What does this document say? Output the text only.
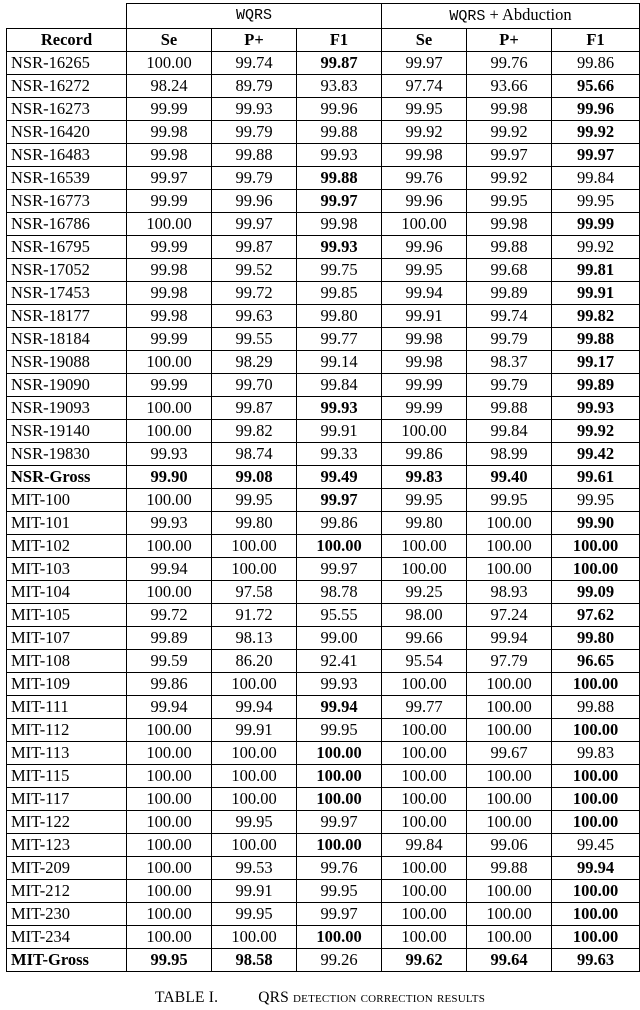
	WQRS			WQRS + Abduction		
Record	Se	P+	F1	Se	P+	F1
NSR-16265	100.00	99.74	99.87	99.97	99.76	99.86
NSR-16272	98.24	89.79	93.83	97.74	93.66	95.66
NSR-16273	99.99	99.93	99.96	99.95	99.98	99.96
NSR-16420	99.98	99.79	99.88	99.92	99.92	99.92
NSR-16483	99.98	99.88	99.93	99.98	99.97	99.97
NSR-16539	99.97	99.79	99.88	99.76	99.92	99.84
NSR-16773	99.99	99.96	99.97	99.96	99.95	99.95
NSR-16786	100.00	99.97	99.98	100.00	99.98	99.99
NSR-16795	99.99	99.87	99.93	99.96	99.88	99.92
NSR-17052	99.98	99.52	99.75	99.95	99.68	99.81
NSR-17453	99.98	99.72	99.85	99.94	99.89	99.91
NSR-18177	99.98	99.63	99.80	99.91	99.74	99.82
NSR-18184	99.99	99.55	99.77	99.98	99.79	99.88
NSR-19088	100.00	98.29	99.14	99.98	98.37	99.17
NSR-19090	99.99	99.70	99.84	99.99	99.79	99.89
NSR-19093	100.00	99.87	99.93	99.99	99.88	99.93
NSR-19140	100.00	99.82	99.91	100.00	99.84	99.92
NSR-19830	99.93	98.74	99.33	99.86	98.99	99.42
NSR-Gross	99.90	99.08	99.49	99.83	99.40	99.61
MIT-100	100.00	99.95	99.97	99.95	99.95	99.95
MIT-101	99.93	99.80	99.86	99.80	100.00	99.90
MIT-102	100.00	100.00	100.00	100.00	100.00	100.00
MIT-103	99.94	100.00	99.97	100.00	100.00	100.00
MIT-104	100.00	97.58	98.78	99.25	98.93	99.09
MIT-105	99.72	91.72	95.55	98.00	97.24	97.62
MIT-107	99.89	98.13	99.00	99.66	99.94	99.80
MIT-108	99.59	86.20	92.41	95.54	97.79	96.65
MIT-109	99.86	100.00	99.93	100.00	100.00	100.00
MIT-111	99.94	99.94	99.94	99.77	100.00	99.88
MIT-112	100.00	99.91	99.95	100.00	100.00	100.00
MIT-113	100.00	100.00	100.00	100.00	99.67	99.83
MIT-115	100.00	100.00	100.00	100.00	100.00	100.00
MIT-117	100.00	100.00	100.00	100.00	100.00	100.00
MIT-122	100.00	99.95	99.97	100.00	100.00	100.00
MIT-123	100.00	100.00	100.00	99.84	99.06	99.45
MIT-209	100.00	99.53	99.76	100.00	99.88	99.94
MIT-212	100.00	99.91	99.95	100.00	100.00	100.00
MIT-230	100.00	99.95	99.97	100.00	100.00	100.00
MIT-234	100.00	100.00	100.00	100.00	100.00	100.00
MIT-Gross	99.95	98.58	99.26	99.62	99.64	99.63
TABLE I.	QRS detection correction results
